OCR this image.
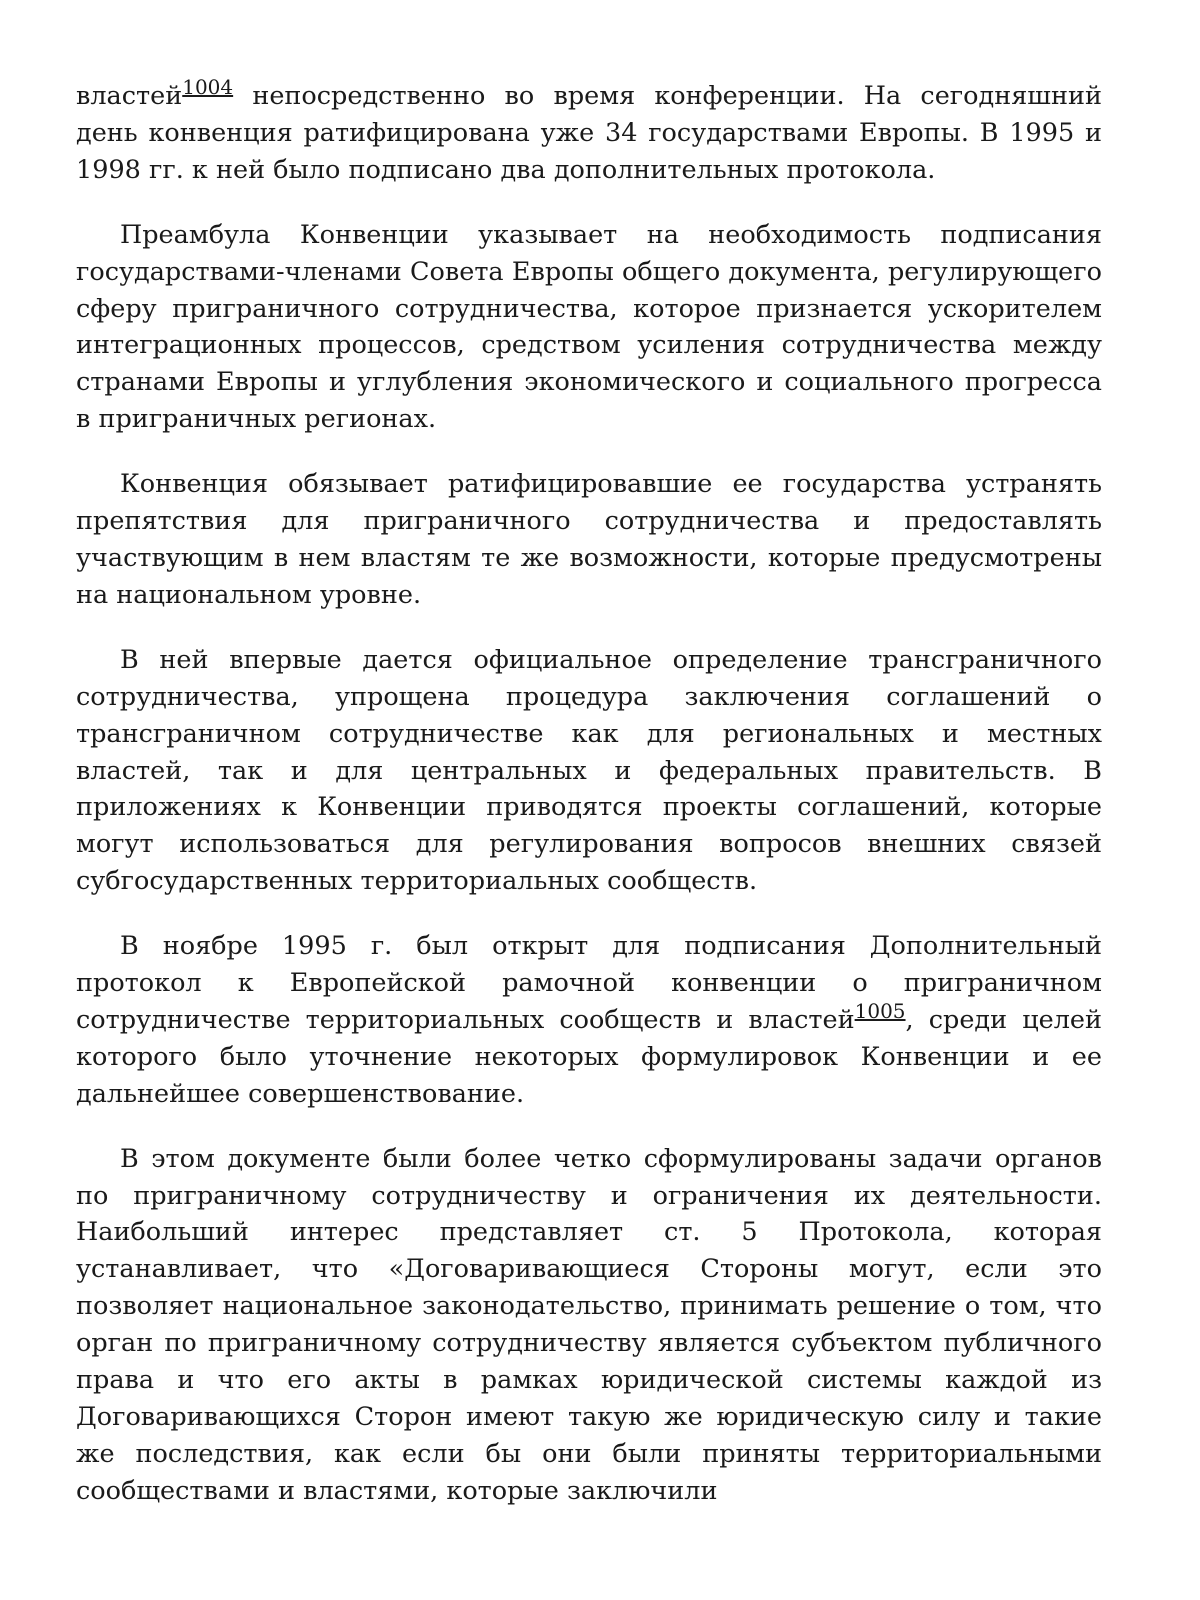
властей$^{1004}$ непосредственно во время конференции. На сегодняшний день конвенция ратифицирована уже 34 государствами Европы. В 1995 и 1998 гг. к ней было подписано два дополнительных протокола.

Преамбула Конвенции указывает на необходимость подписания государствами-членами Совета Европы общего документа, регулирующего сферу приграничного сотрудничества, которое признается ускорителем интеграционных процессов, средством усиления сотрудничества между странами Европы и углубления экономического и социального прогресса в приграничных регионах.

Конвенция обязывает ратифицировавшие ее государства устранять препятствия для приграничного сотрудничества и предоставлять участвующим в нем властям те же возможности, которые предусмотрены на национальном уровне.

В ней впервые дается официальное определение трансграничного сотрудничества, упрощена процедура заключения соглашений о трансграничном сотрудничестве как для региональных и местных властей, так и для центральных и федеральных правительств. В приложениях к Конвенции приводятся проекты соглашений, которые могут использоваться для регулирования вопросов внешних связей субгосударственных территориальных сообществ.

В ноябре 1995 г. был открыт для подписания Дополнительный протокол к Европейской рамочной конвенции о приграничном сотрудничестве территориальных сообществ и властей$^{1005}$, среди целей которого было уточнение некоторых формулировок Конвенции и ее дальнейшее совершенствование.

В этом документе были более четко сформулированы задачи органов по приграничному сотрудничеству и ограничения их деятельности. Наибольший интерес представляет ст. 5 Протокола, которая устанавливает, что «Договаривающиеся Стороны могут, если это позволяет национальное законодательство, принимать решение о том, что орган по приграничному сотрудничеству является субъектом публичного права и что его акты в рамках юридической системы каждой из Договаривающихся Сторон имеют такую же юридическую силу и такие же последствия, как если бы они были приняты территориальными сообществами и властями, которые заключили
